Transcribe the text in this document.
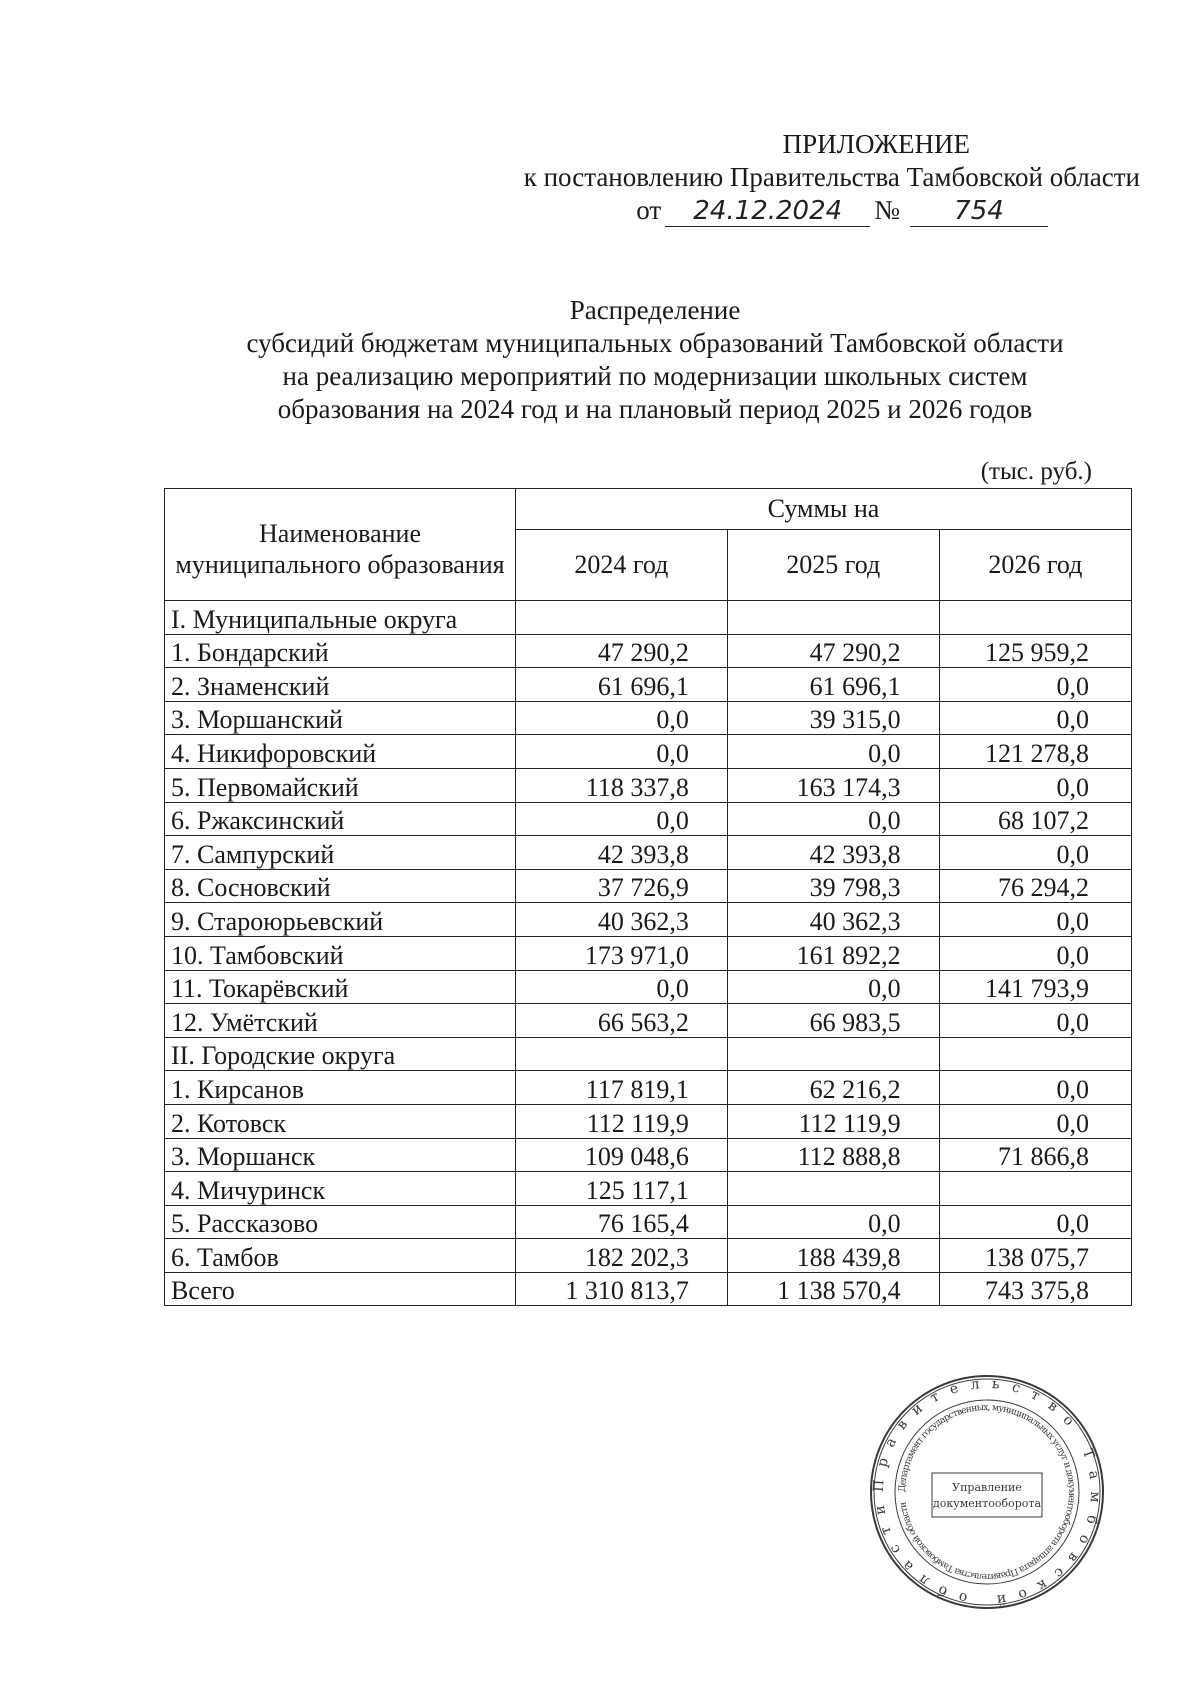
ПРИЛОЖЕНИЕ
к постановлению Правительства Тамбовской области
от	24.12.2024	№	754
Распределение
субсидий бюджетам муниципальных образований Тамбовской области
на реализацию мероприятий по модернизации школьных систем
образования на 2024 год и на плановый период 2025 и 2026 годов
(тыс. руб.)
Наименование муниципального образования	Суммы на		
	2024 год	2025 год	2026 год
I. Муниципальные округа			
1. Бондарский	47 290,2	47 290,2	125 959,2
2. Знаменский	61 696,1	61 696,1	0,0
3. Моршанский	0,0	39 315,0	0,0
4. Никифоровский	0,0	0,0	121 278,8
5. Первомайский	118 337,8	163 174,3	0,0
6. Ржаксинский	0,0	0,0	68 107,2
7. Сампурский	42 393,8	42 393,8	0,0
8. Сосновский	37 726,9	39 798,3	76 294,2
9. Староюрьевский	40 362,3	40 362,3	0,0
10. Тамбовский	173 971,0	161 892,2	0,0
11. Токарёвский	0,0	0,0	141 793,9
12. Умётский	66 563,2	66 983,5	0,0
II. Городские округа			
1. Кирсанов	117 819,1	62 216,2	0,0
2. Котовск	112 119,9	112 119,9	0,0
3. Моршанск	109 048,6	112 888,8	71 866,8
4. Мичуринск	125 117,1		
5. Рассказово	76 165,4	0,0	0,0
6. Тамбов	182 202,3	188 439,8	138 075,7
Всего	1 310 813,7	1 138 570,4	743 375,8
Правительство Тамбовской области
Департамент государственных, муниципальных услуг и документооборота аппарата Правительства Тамбовской области
Управление
документооборота
